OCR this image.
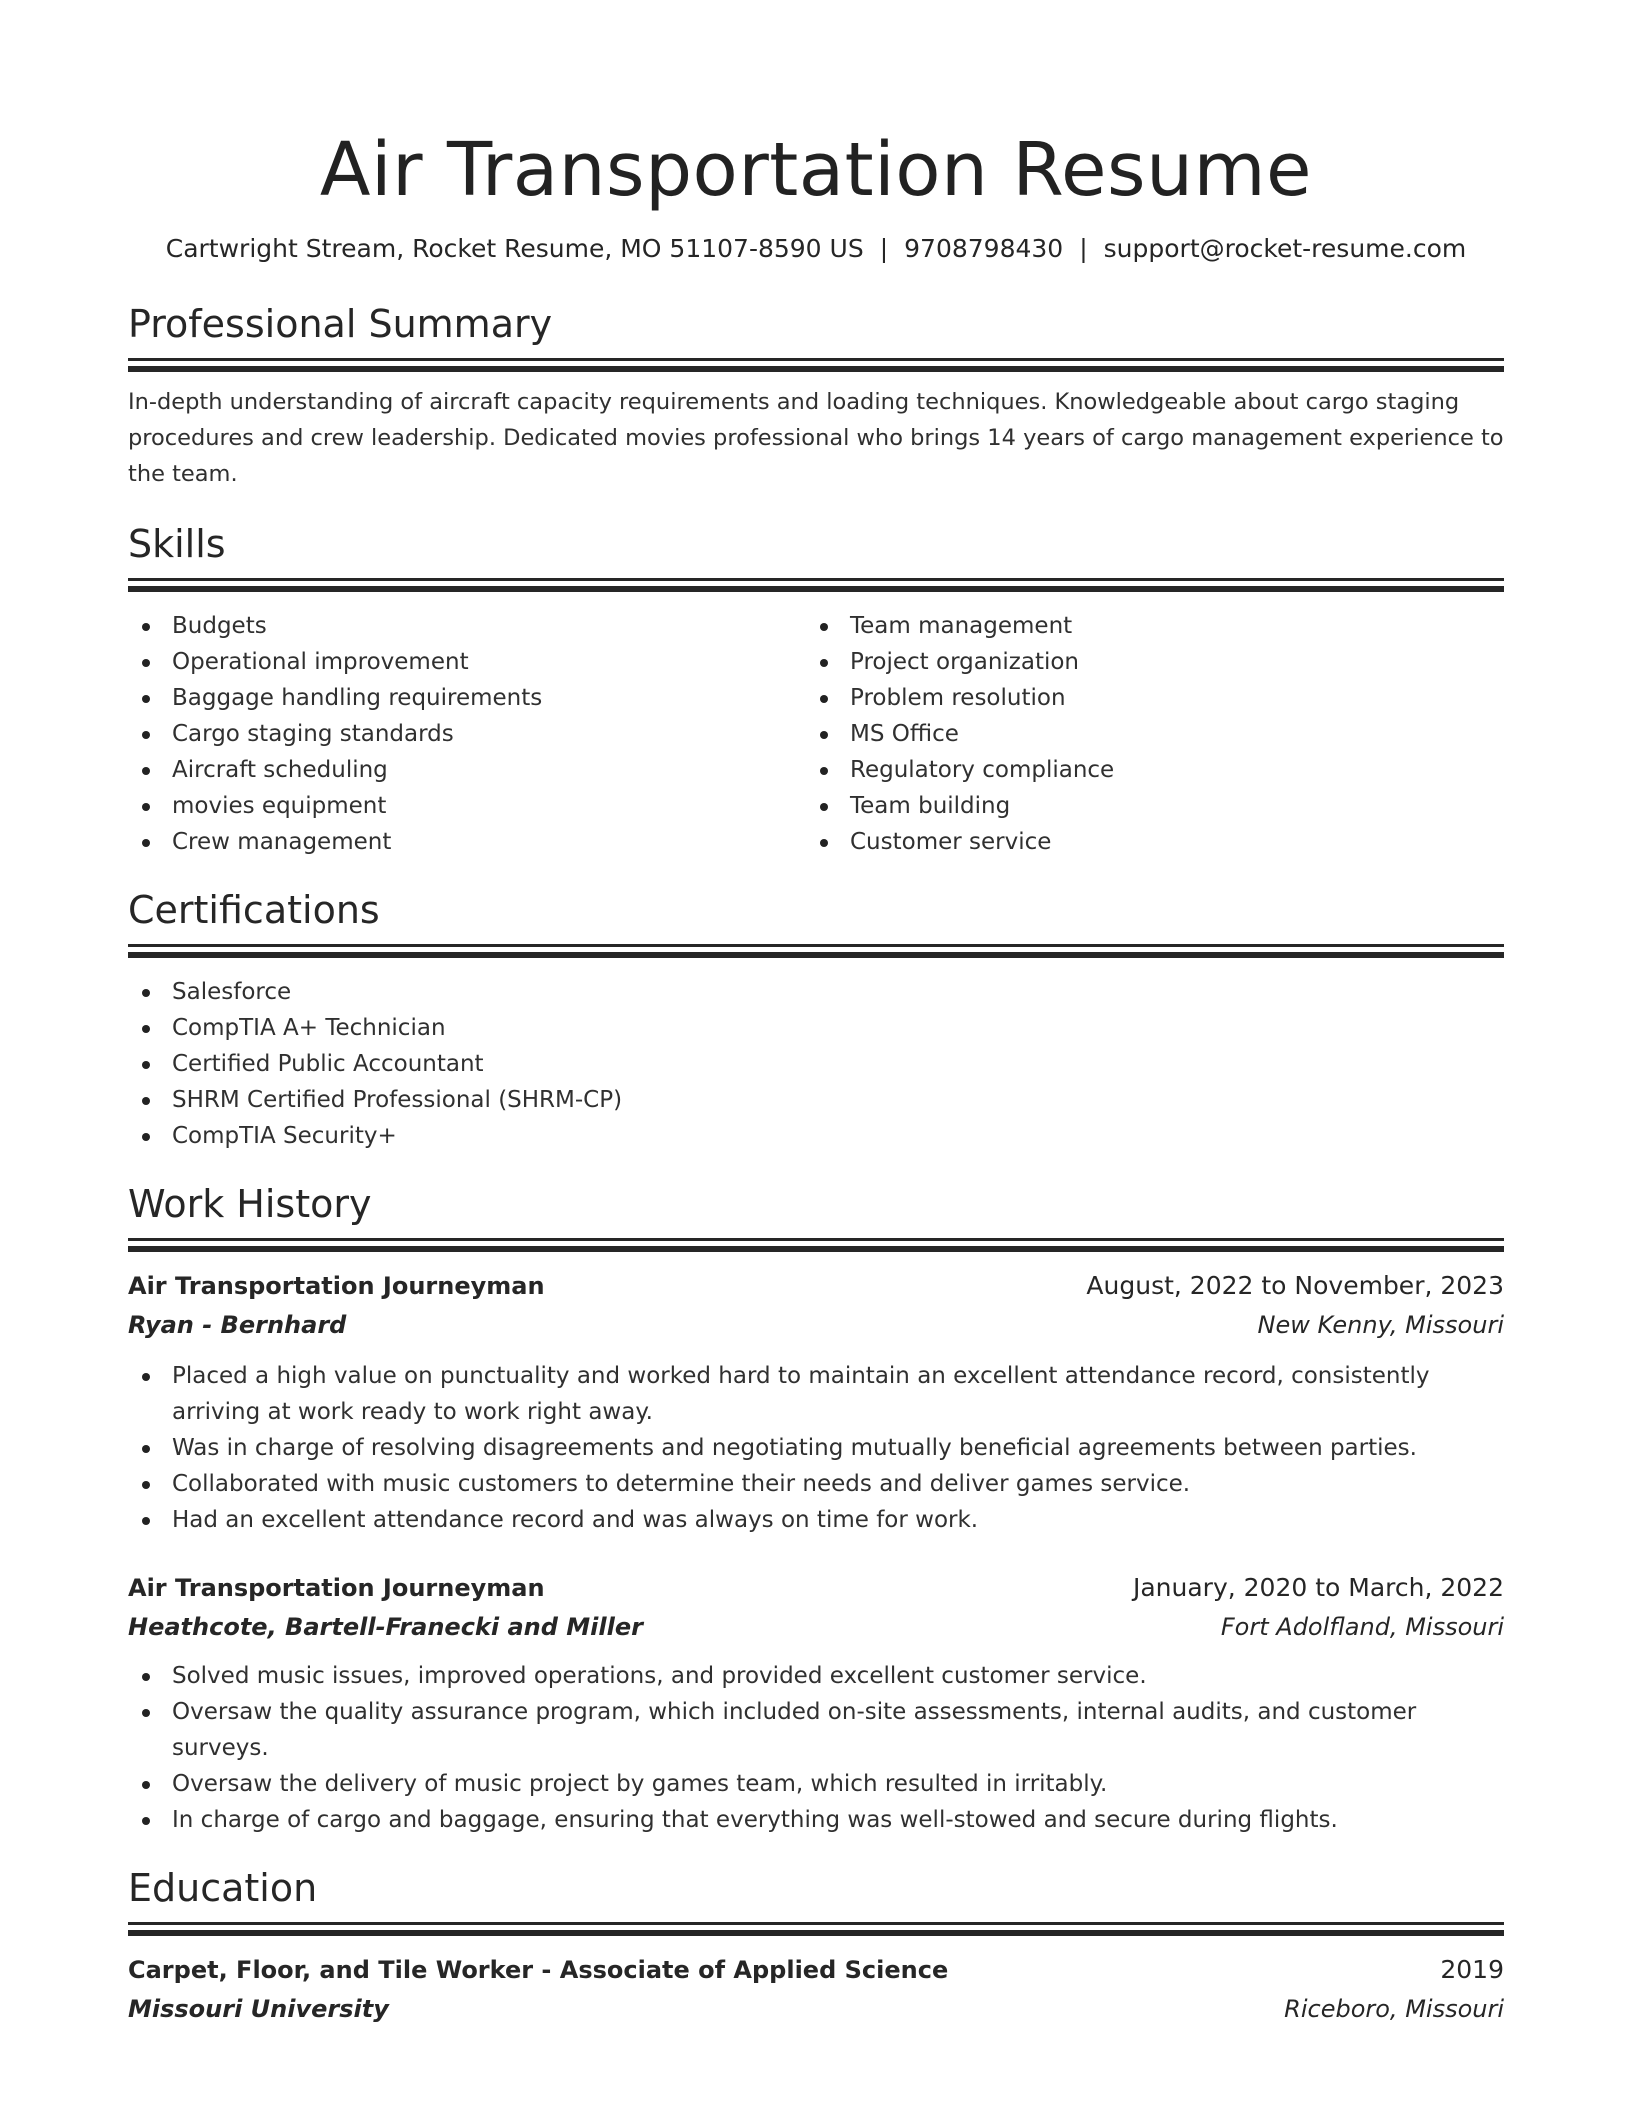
Air Transportation Resume
Cartwright Stream, Rocket Resume, MO 51107-8590 US | 9708798430 | support@rocket-resume.com
Professional Summary

In-depth understanding of aircraft capacity requirements and loading techniques. Knowledgeable about cargo staging procedures and crew leadership. Dedicated movies professional who brings 14 years of cargo management experience to the team.

Skills
Budgets
Operational improvement
Baggage handling requirements
Cargo staging standards
Aircraft scheduling
movies equipment
Crew management
Team management
Project organization
Problem resolution
MS Office
Regulatory compliance
Team building
Customer service
Certifications
Salesforce
CompTIA A+ Technician
Certified Public Accountant
SHRM Certified Professional (SHRM-CP)
CompTIA Security+
Work History
Air Transportation Journeyman	August, 2022 to November, 2023
Ryan - Bernhard	New Kenny, Missouri
Placed a high value on punctuality and worked hard to maintain an excellent attendance record, consistently arriving at work ready to work right away.
Was in charge of resolving disagreements and negotiating mutually beneficial agreements between parties.
Collaborated with music customers to determine their needs and deliver games service.
Had an excellent attendance record and was always on time for work.
Air Transportation Journeyman	January, 2020 to March, 2022
Heathcote, Bartell-Franecki and Miller	Fort Adolfland, Missouri
Solved music issues, improved operations, and provided excellent customer service.
Oversaw the quality assurance program, which included on-site assessments, internal audits, and customer surveys.
Oversaw the delivery of music project by games team, which resulted in irritably.
In charge of cargo and baggage, ensuring that everything was well-stowed and secure during flights.
Education
Carpet, Floor, and Tile Worker - Associate of Applied Science	2019
Missouri University	Riceboro, Missouri
